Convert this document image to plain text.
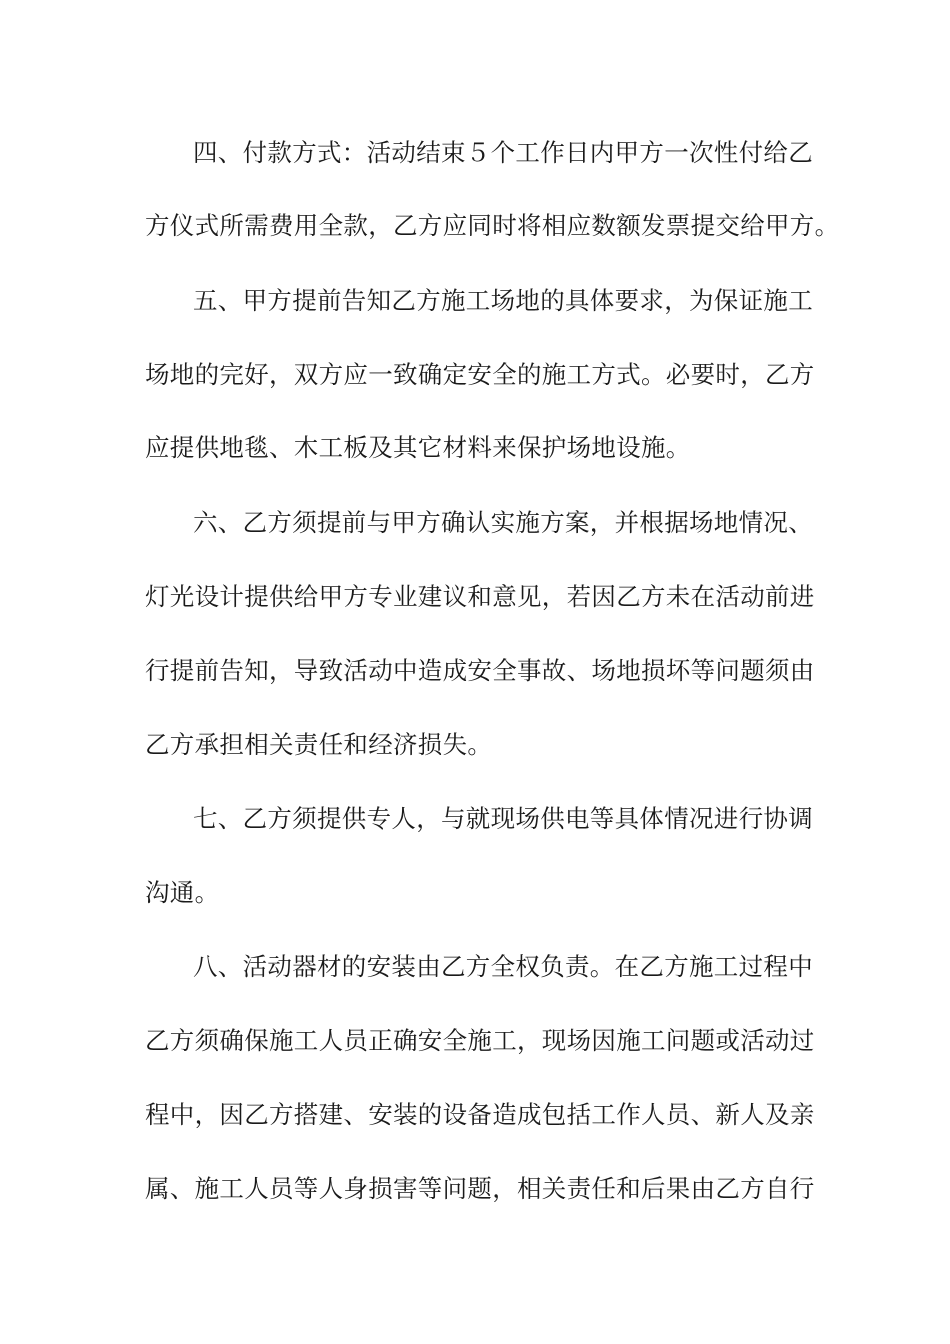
四、付款方式：活动结束５个工作日内甲方一次性付给乙
方仪式所需费用全款，乙方应同时将相应数额发票提交给甲方。
五、甲方提前告知乙方施工场地的具体要求，为保证施工
场地的完好，双方应一致确定安全的施工方式。必要时，乙方
应提供地毯、木工板及其它材料来保护场地设施。
六、乙方须提前与甲方确认实施方案，并根据场地情况、
灯光设计提供给甲方专业建议和意见，若因乙方未在活动前进
行提前告知，导致活动中造成安全事故、场地损坏等问题须由
乙方承担相关责任和经济损失。
七、乙方须提供专人，与就现场供电等具体情况进行协调
沟通。
八、活动器材的安装由乙方全权负责。在乙方施工过程中
乙方须确保施工人员正确安全施工，现场因施工问题或活动过
程中，因乙方搭建、安装的设备造成包括工作人员、新人及亲
属、施工人员等人身损害等问题，相关责任和后果由乙方自行
